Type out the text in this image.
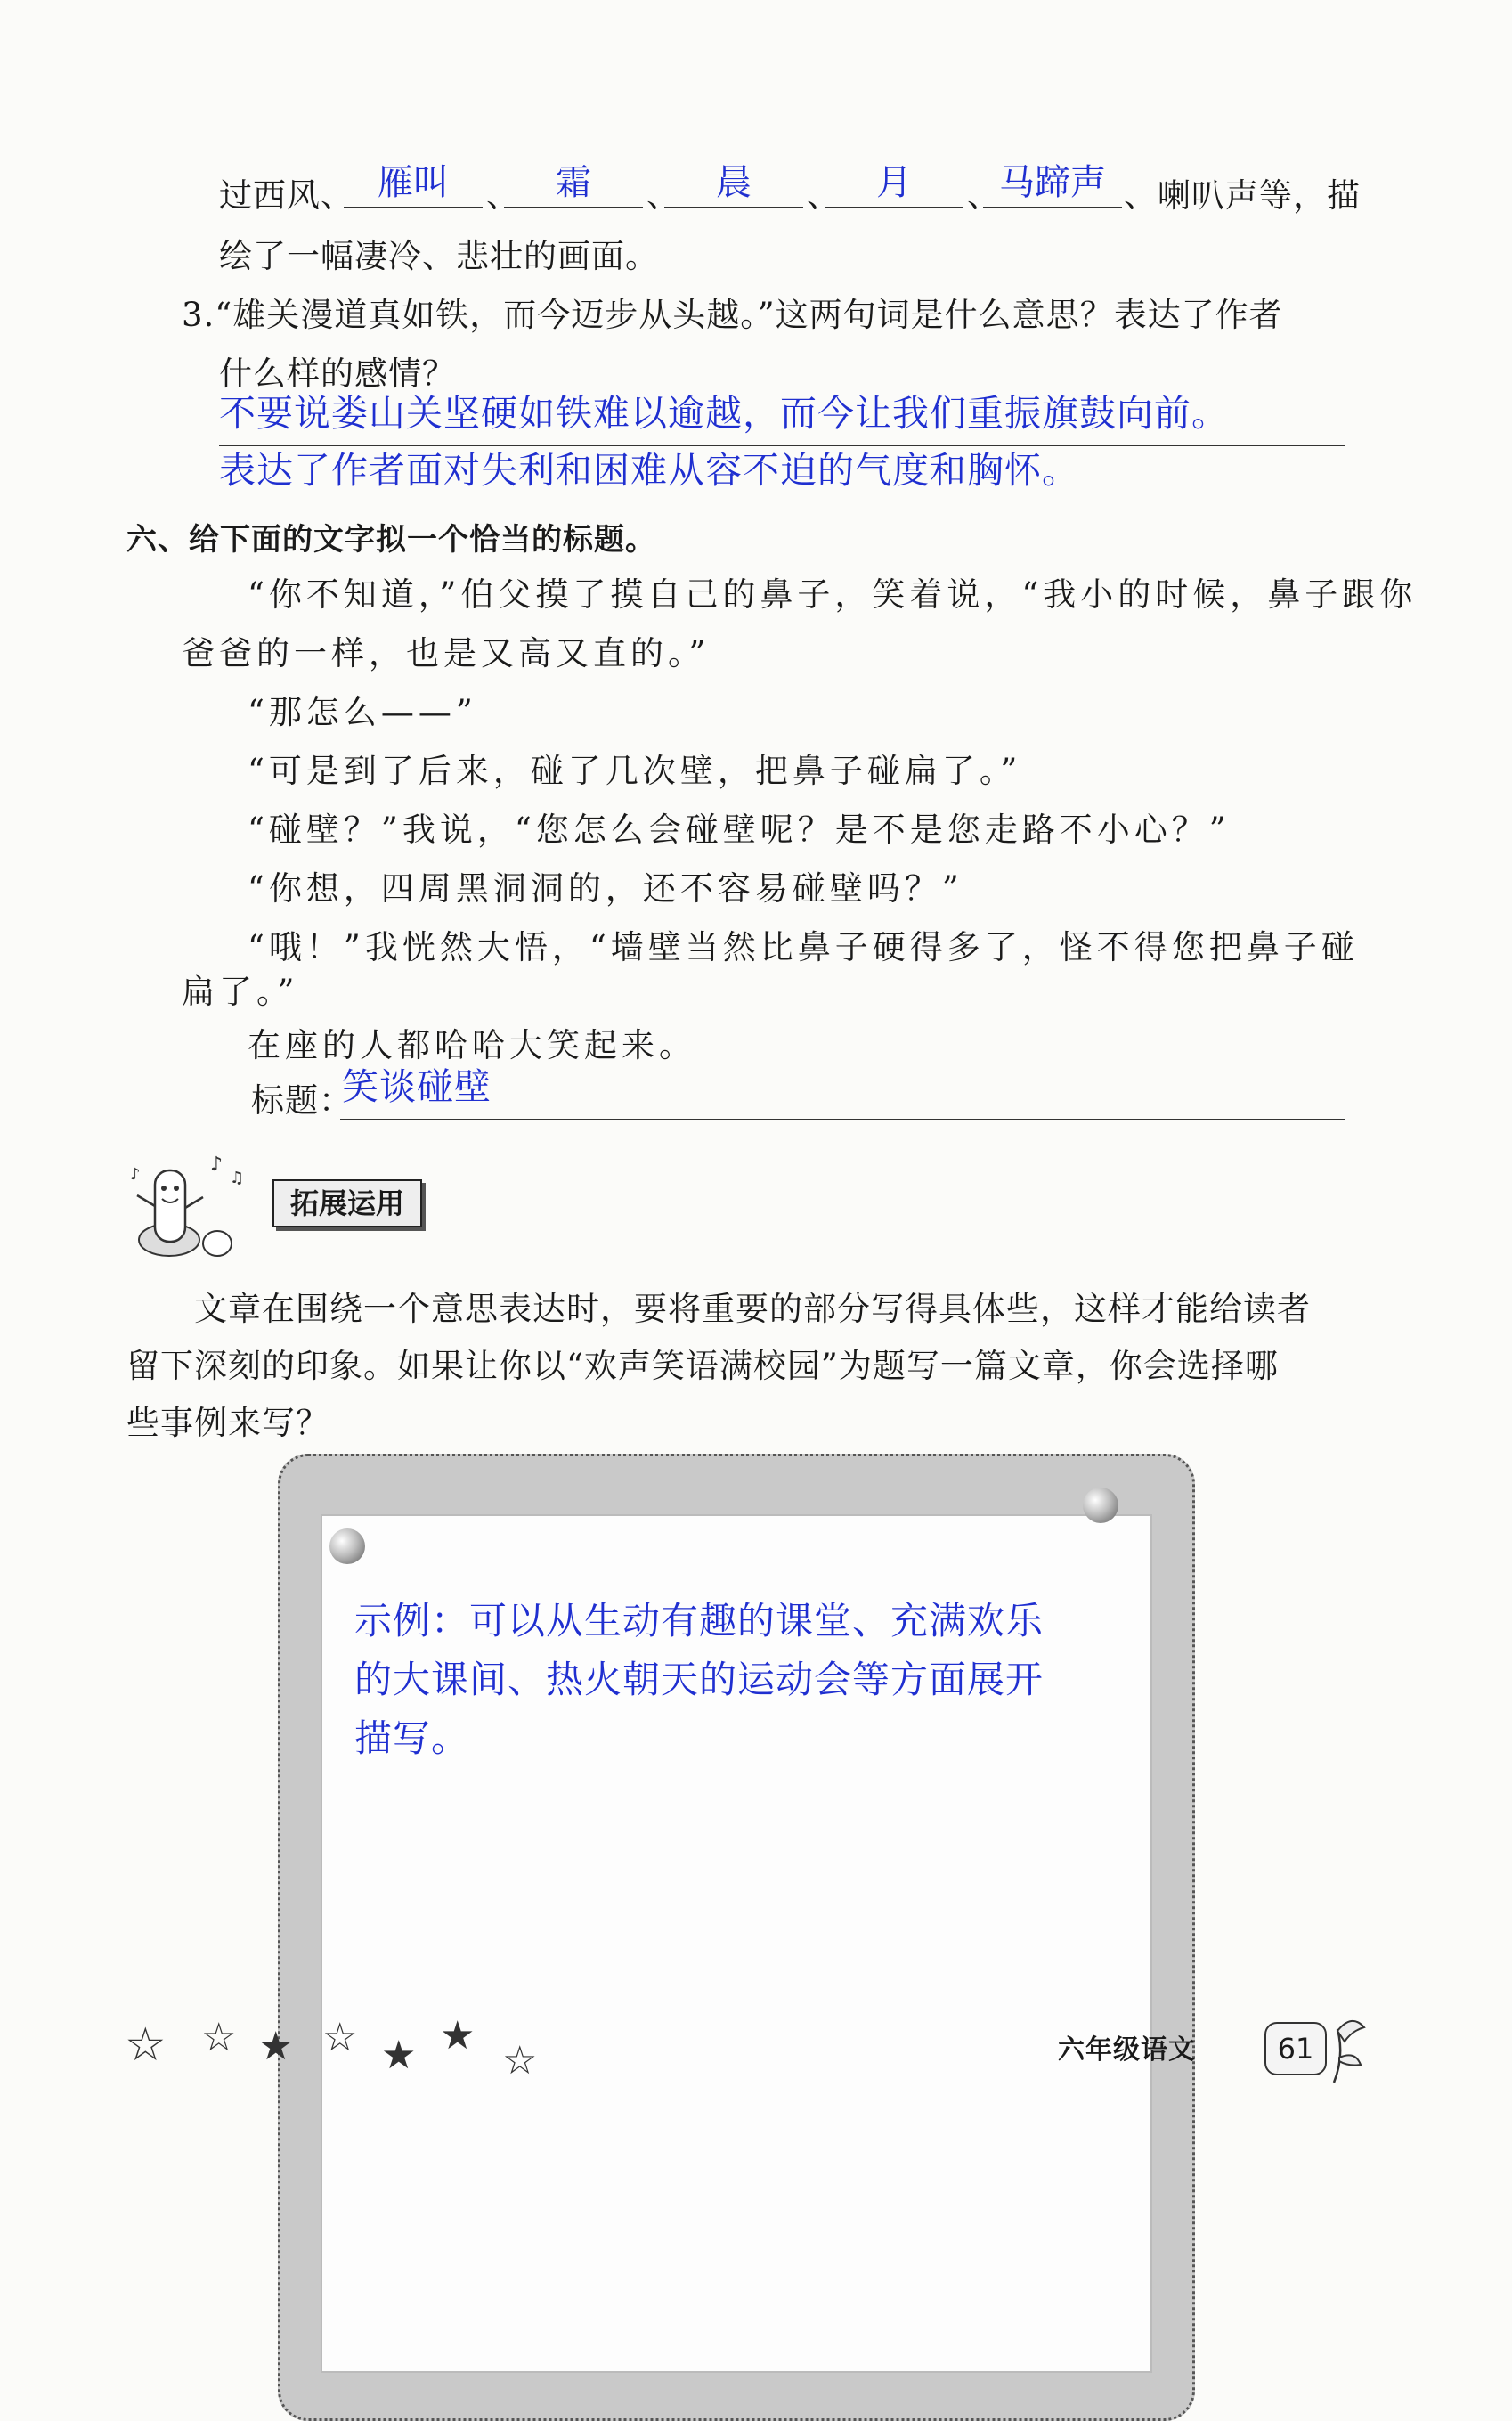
过西风、 雁叫	、	霜	、	晨	、	月	、
马蹄声 、喇叭声等，描
绘了一幅凄冷、悲壮的画面。
3.“雄关漫道真如铁，而今迈步从头越。”这两句词是什么意思？表达了作者
什么样的感情？
不要说娄山关坚硬如铁难以逾越，而今让我们重振旗鼓向前。
表达了作者面对失利和困难从容不迫的气度和胸怀。
六、给下面的文字拟一个恰当的标题。
“你不知道，”伯父摸了摸自己的鼻子，笑着说，“我小的时候，鼻子跟你
爸爸的一样，也是又高又直的。”
“那怎么——”
“可是到了后来，碰了几次壁，把鼻子碰扁了。”
“碰壁？”我说，“您怎么会碰壁呢？是不是您走路不小心？”
“你想，四周黑洞洞的，还不容易碰壁吗？”
“哦！”我恍然大悟，“墙壁当然比鼻子硬得多了，怪不得您把鼻子碰
扁了。”
在座的人都哈哈大笑起来。
标题：
笑谈碰壁
♪
♫
♪
拓展运用
文章在围绕一个意思表达时，要将重要的部分写得具体些，这样才能给读者
留下深刻的印象。如果让你以“欢声笑语满校园”为题写一篇文章，你会选择哪
些事例来写？
示例：可以从生动有趣的课堂、充满欢乐
的大课间、热火朝天的运动会等方面展开
描写。
☆ ☆ ★ ☆ ★ ★
☆	六年级语文	61
